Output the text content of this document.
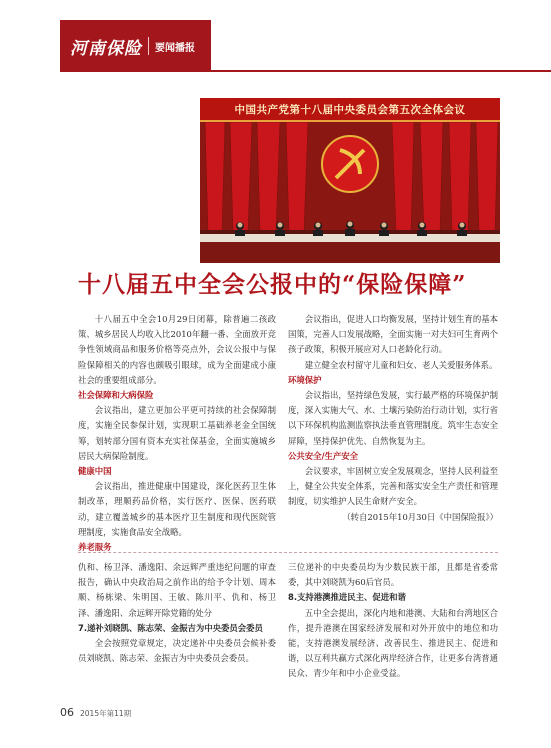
河南保险 要闻播报
中国共产党第十八届中央委员会第五次全体会议
十八届五中全会公报中的“保险保障”

十八届五中全会10月29日闭幕，除普遍二孩政策、城乡居民人均收入比2010年翻一番、全面放开竞争性领域商品和服务价格等亮点外，会议公报中与保险保障相关的内容也颇吸引眼球，成为全面建成小康社会的重要组成部分。

社会保障和大病保险

会议指出，建立更加公平更可持续的社会保障制度，实施全民参保计划，实现职工基础养老金全国统筹，划转部分国有资本充实社保基金，全面实施城乡居民大病保险制度。

健康中国

会议指出，推进健康中国建设，深化医药卫生体制改革，理顺药品价格，实行医疗、医保、医药联动，建立覆盖城乡的基本医疗卫生制度和现代医院管理制度，实施食品安全战略。

养老服务

会议指出，促进人口均衡发展，坚持计划生育的基本国策，完善人口发展战略，全面实施一对夫妇可生育两个孩子政策，积极开展应对人口老龄化行动。

建立健全农村留守儿童和妇女、老人关爱服务体系。

环境保护

会议指出，坚持绿色发展，实行最严格的环境保护制度，深入实施大气、水、土壤污染防治行动计划，实行省以下环保机构监测监察执法垂直管理制度。筑牢生态安全屏障，坚持保护优先、自然恢复为主。

公共安全/生产安全

会议要求，牢固树立安全发展观念，坚持人民利益至上，健全公共安全体系，完善和落实安全生产责任和管理制度，切实维护人民生命财产安全。

（转自2015年10月30日《中国保险报》）

仇和、杨卫泽、潘逸阳、余远辉严重违纪问题的审查报告，确认中央政治局之前作出的给予令计划、周本顺、杨栋梁、朱明国、王敏、陈川平、仇和、杨卫泽、潘逸阳、余远辉开除党籍的处分

7.递补刘晓凯、陈志荣、金振吉为中央委员会委员

全会按照党章规定，决定递补中央委员会候补委员刘晓凯、陈志荣、金振吉为中央委员会委员。

三位递补的中央委员均为少数民族干部，且都是省委常委，其中刘晓凯为60后官员。

8.支持港澳推进民主、促进和谐

五中全会提出，深化内地和港澳、大陆和台湾地区合作，提升港澳在国家经济发展和对外开放中的地位和功能，支持港澳发展经济、改善民生、推进民主、促进和谐，以互利共赢方式深化两岸经济合作，让更多台湾普通民众、青少年和中小企业受益。

06 2015年第11期
